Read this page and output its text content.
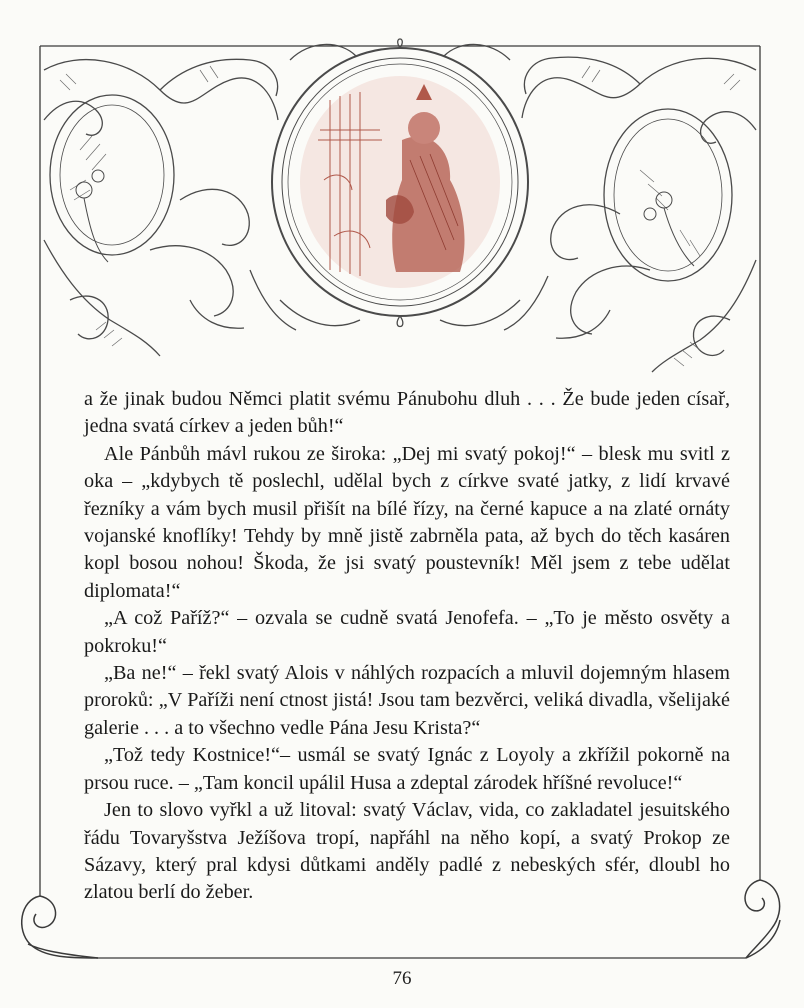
a že jinak budou Němci platit svému Pánubohu dluh . . . Že bude jeden císař, jedna svatá církev a jeden bůh!“

Ale Pánbůh mávl rukou ze široka: „Dej mi svatý pokoj!“ – blesk mu svitl z oka – „kdybych tě poslechl, udělal bych z církve svaté jatky, z lidí krvavé řezníky a vám bych musil přišít na bílé řízy, na černé kapuce a na zlaté ornáty vojanské knoflíky! Tehdy by mně jistě zabrněla pata, až bych do těch kasáren kopl bosou nohou! Škoda, že jsi svatý poustevník! Měl jsem z tebe udělat diplomata!“

„A což Paříž?“ – ozvala se cudně svatá Jenofefa. – „To je město osvěty a pokroku!“

„Ba ne!“ – řekl svatý Alois v náhlých rozpacích a mluvil dojemným hlasem proroků: „V Paříži není ctnost jistá! Jsou tam bezvěrci, veliká divadla, všelijaké galerie . . . a to všechno vedle Pána Jesu Krista?“

„Tož tedy Kostnice!“– usmál se svatý Ignác z Loyoly a zkřížil pokorně na prsou ruce. – „Tam koncil upálil Husa a zdeptal zárodek hříšné revoluce!“

Jen to slovo vyřkl a už litoval: svatý Václav, vida, co zakladatel jesuitského řádu Tovaryšstva Ježíšova tropí, napřáhl na něho kopí, a svatý Prokop ze Sázavy, který pral kdysi důtkami anděly padlé z nebeských sfér, dloubl ho zlatou berlí do žeber.

76
